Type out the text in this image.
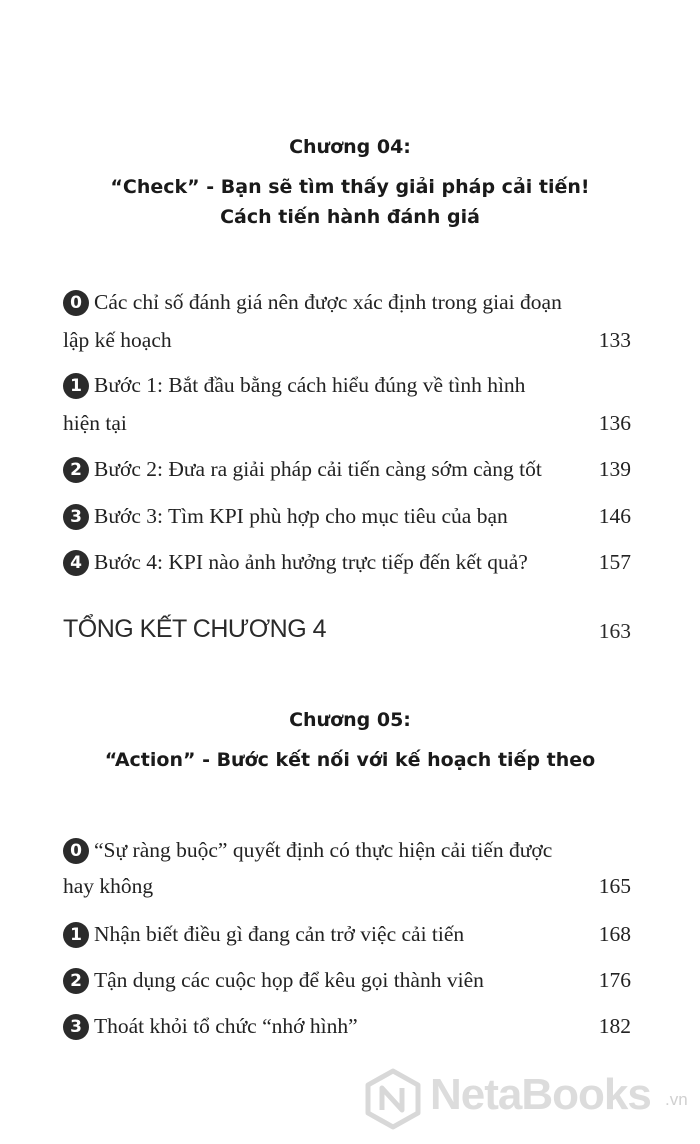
Chương 04:
“Check” - Bạn sẽ tìm thấy giải pháp cải tiến!
Cách tiến hành đánh giá
0 Các chỉ số đánh giá nên được xác định trong giai đoạn
lập kế hoạch	133
1 Bước 1: Bắt đầu bằng cách hiểu đúng về tình hình
hiện tại	136
2 Bước 2: Đưa ra giải pháp cải tiến càng sớm càng tốt	139
3 Bước 3: Tìm KPI phù hợp cho mục tiêu của bạn	146
4 Bước 4: KPI nào ảnh hưởng trực tiếp đến kết quả?	157
TỔNG KẾT CHƯƠNG 4	163
Chương 05:
“Action” - Bước kết nối với kế hoạch tiếp theo
0 “Sự ràng buộc” quyết định có thực hiện cải tiến được
hay không	165
1 Nhận biết điều gì đang cản trở việc cải tiến	168
2 Tận dụng các cuộc họp để kêu gọi thành viên	176
3 Thoát khỏi tổ chức “nhớ hình”	182
NetaBooks .vn
